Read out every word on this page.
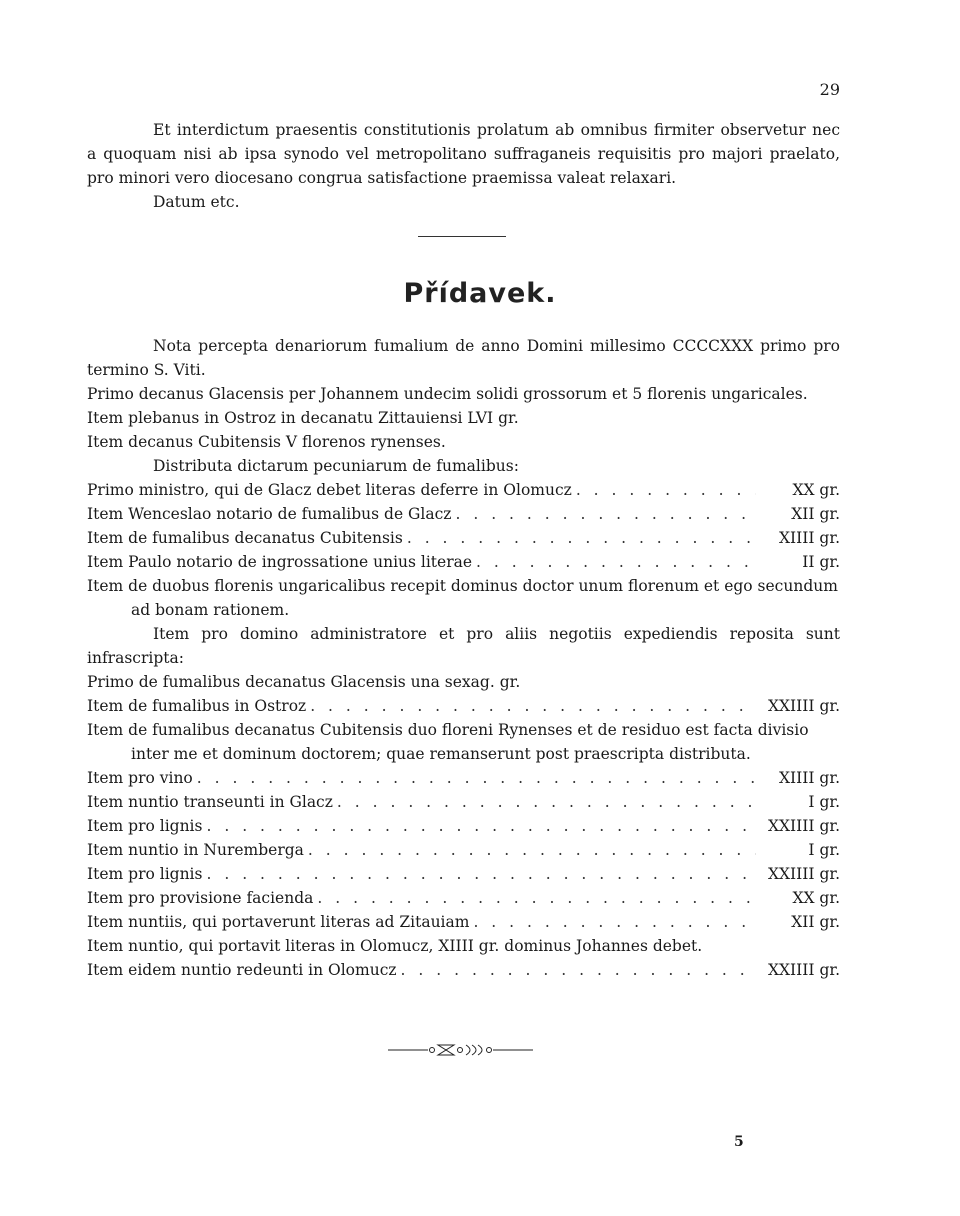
29

Et interdictum praesentis constitutionis prolatum ab omnibus firmiter observetur nec a quoquam nisi ab ipsa synodo vel metropolitano suffraganeis requisitis pro majori praelato, pro minori vero diocesano congrua satisfactione praemissa valeat relaxari.

Datum etc.

Přídavek.

Nota percepta denariorum fumalium de anno Domini millesimo CCCCXXX primo pro termino S. Viti.

Primo decanus Glacensis per Johannem undecim solidi grossorum et 5 florenis ungaricales.

Item plebanus in Ostroz in decanatu Zittauiensi LVI gr.

Item decanus Cubitensis V florenos rynenses.

Distributa dictarum pecuniarum de fumalibus:

Primo ministro, qui de Glacz debet literas deferre in Olomucz . . .	XX gr.
Item Wenceslao notario de fumalibus de Glacz . . .	XII gr.
Item de fumalibus decanatus Cubitensis . . .	XIIII gr.
Item Paulo notario de ingrossatione unius literae . . .	II gr.

Item de duobus florenis ungaricalibus recepit dominus doctor unum florenum et ego secundum

ad bonam rationem.

Item pro domino administratore et pro aliis negotiis expediendis reposita sunt infrascripta:

Primo de fumalibus decanatus Glacensis una sexag. gr.

Item de fumalibus in Ostroz . . .	XXIIII gr.

Item de fumalibus decanatus Cubitensis duo floreni Rynenses et de residuo est facta divisio

inter me et dominum doctorem; quae remanserunt post praescripta distributa.

Item pro vino . . .	XIIII gr.
Item nuntio transeunti in Glacz . . .	I gr.
Item pro lignis . . .	XXIIII gr.
Item nuntio in Nuremberga . . .	I gr.
Item pro lignis . . .	XXIIII gr.
Item pro provisione facienda . . .	XX gr.
Item nuntiis, qui portaverunt literas ad Zitauiam . . .	XII gr.

Item nuntio, qui portavit literas in Olomucz, XIIII gr. dominus Johannes debet.

Item eidem nuntio redeunti in Olomucz . . .	XXIIII gr.
5
